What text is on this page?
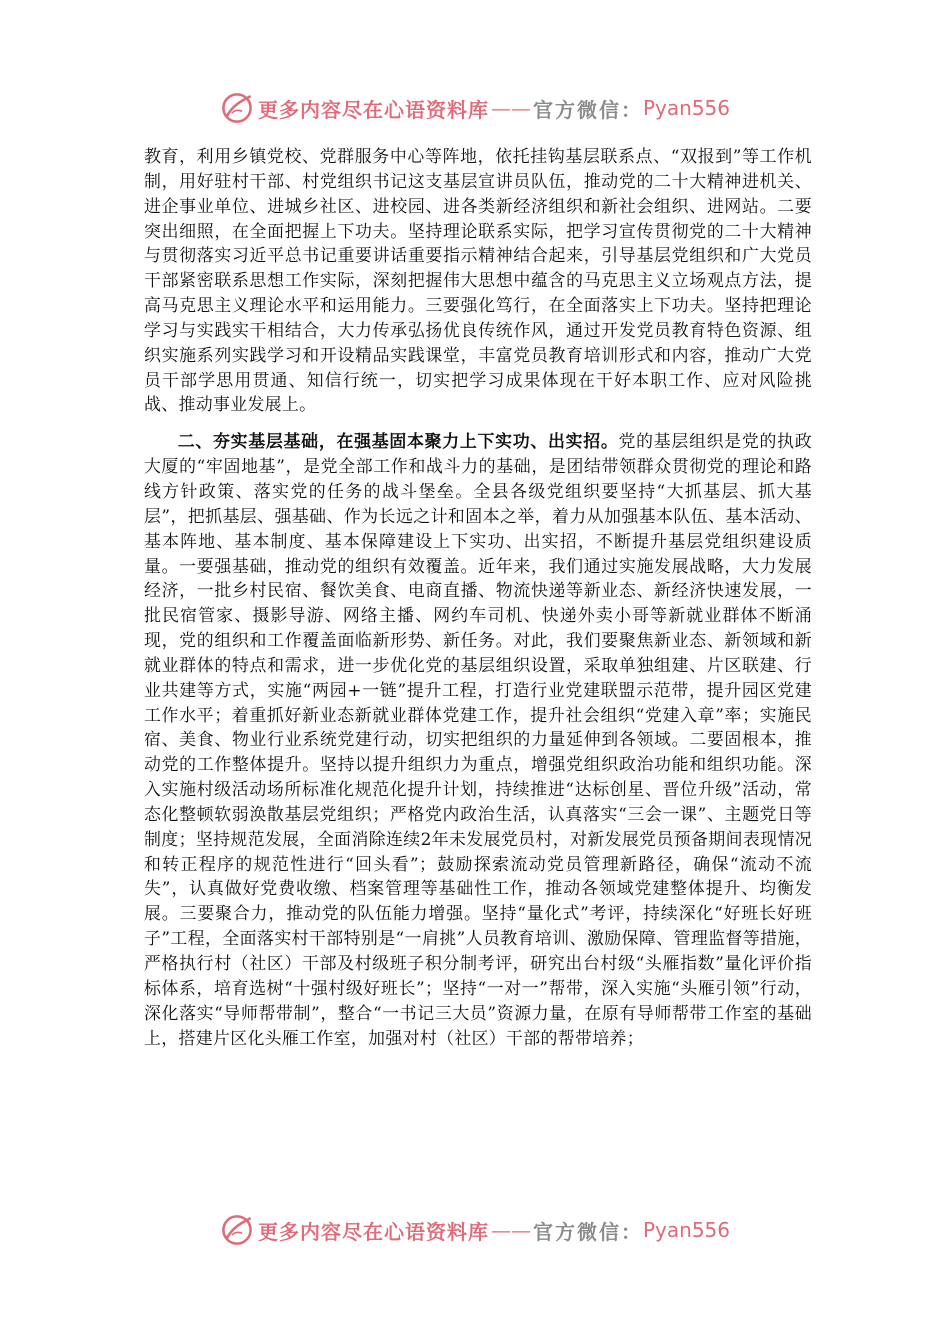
更多内容尽在心语资料库 —— 官方微信： Pyan556

教育，利用乡镇党校、党群服务中心等阵地，依托挂钩基层联系点、“双报到”等工作机制，用好驻村干部、村党组织书记这支基层宣讲员队伍，推动党的二十大精神进机关、进企事业单位、进城乡社区、进校园、进各类新经济组织和新社会组织、进网站。二要突出细照，在全面把握上下功夫。坚持理论联系实际，把学习宣传贯彻党的二十大精神与贯彻落实习近平总书记重要讲话重要指示精神结合起来，引导基层党组织和广大党员干部紧密联系思想工作实际，深刻把握伟大思想中蕴含的马克思主义立场观点方法，提高马克思主义理论水平和运用能力。三要强化笃行，在全面落实上下功夫。坚持把理论学习与实践实干相结合，大力传承弘扬优良传统作风，通过开发党员教育特色资源、组织实施系列实践学习和开设精品实践课堂，丰富党员教育培训形式和内容，推动广大党员干部学思用贯通、知信行统一，切实把学习成果体现在干好本职工作、应对风险挑战、推动事业发展上。

二、夯实基层基础，在强基固本聚力上下实功、出实招。党的基层组织是党的执政大厦的“牢固地基”，是党全部工作和战斗力的基础，是团结带领群众贯彻党的理论和路线方针政策、落实党的任务的战斗堡垒。全县各级党组织要坚持“大抓基层、抓大基层”，把抓基层、强基础、作为长远之计和固本之举，着力从加强基本队伍、基本活动、基本阵地、基本制度、基本保障建设上下实功、出实招，不断提升基层党组织建设质量。一要强基础，推动党的组织有效覆盖。近年来，我们通过实施发展战略，大力发展经济，一批乡村民宿、餐饮美食、电商直播、物流快递等新业态、新经济快速发展，一批民宿管家、摄影导游、网络主播、网约车司机、快递外卖小哥等新就业群体不断涌现，党的组织和工作覆盖面临新形势、新任务。对此，我们要聚焦新业态、新领域和新就业群体的特点和需求，进一步优化党的基层组织设置，采取单独组建、片区联建、行业共建等方式，实施“两园+一链”提升工程，打造行业党建联盟示范带，提升园区党建工作水平；着重抓好新业态新就业群体党建工作，提升社会组织“党建入章”率；实施民宿、美食、物业行业系统党建行动，切实把组织的力量延伸到各领域。二要固根本，推动党的工作整体提升。坚持以提升组织力为重点，增强党组织政治功能和组织功能。深入实施村级活动场所标准化规范化提升计划，持续推进“达标创星、晋位升级”活动，常态化整顿软弱涣散基层党组织；严格党内政治生活，认真落实“三会一课”、主题党日等制度；坚持规范发展，全面消除连续2年未发展党员村，对新发展党员预备期间表现情况和转正程序的规范性进行“回头看”；鼓励探索流动党员管理新路径，确保“流动不流失”，认真做好党费收缴、档案管理等基础性工作，推动各领域党建整体提升、均衡发展。三要聚合力，推动党的队伍能力增强。坚持“量化式”考评，持续深化“好班长好班子”工程，全面落实村干部特别是“一肩挑”人员教育培训、激励保障、管理监督等措施，严格执行村（社区）干部及村级班子积分制考评，研究出台村级“头雁指数”量化评价指标体系，培育选树“十强村级好班长”；坚持“一对一”帮带，深入实施“头雁引领”行动，深化落实“导师帮带制”，整合“一书记三大员”资源力量，在原有导师帮带工作室的基础上，搭建片区化头雁工作室，加强对村（社区）干部的帮带培养；

更多内容尽在心语资料库 —— 官方微信： Pyan556
